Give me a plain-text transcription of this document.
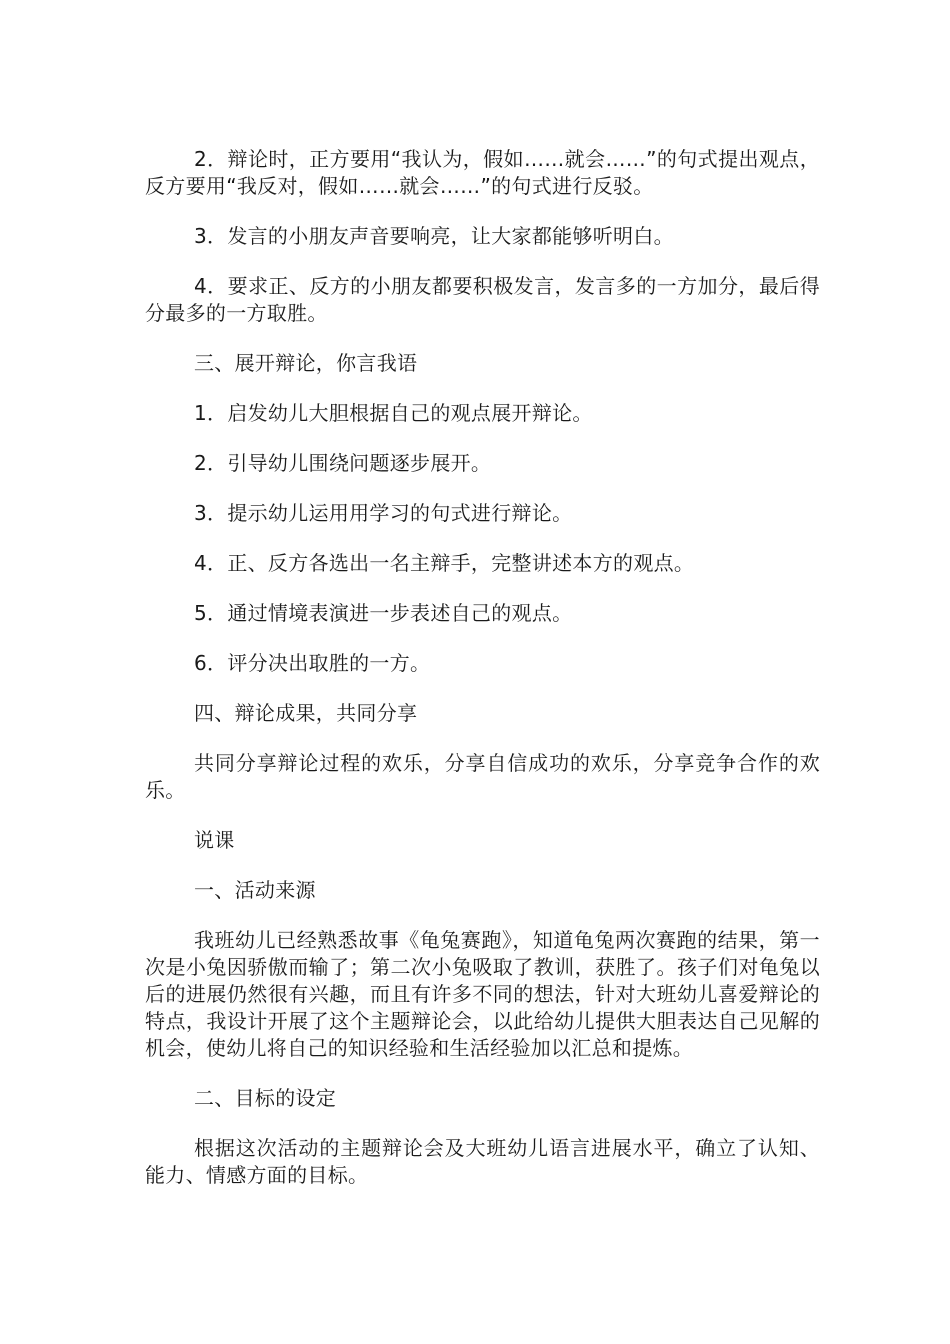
2．辩论时，正方要用“我认为，假如……就会……”的句式提出观点，反方要用“我反对，假如……就会……”的句式进行反驳。

3．发言的小朋友声音要响亮，让大家都能够听明白。

4．要求正、反方的小朋友都要积极发言，发言多的一方加分，最后得分最多的一方取胜。

三、展开辩论，你言我语

1．启发幼儿大胆根据自己的观点展开辩论。

2．引导幼儿围绕问题逐步展开。

3．提示幼儿运用用学习的句式进行辩论。

4．正、反方各选出一名主辩手，完整讲述本方的观点。

5．通过情境表演进一步表述自己的观点。

6．评分决出取胜的一方。

四、辩论成果，共同分享

共同分享辩论过程的欢乐，分享自信成功的欢乐，分享竞争合作的欢乐。

说课

一、活动来源

我班幼儿已经熟悉故事《龟兔赛跑》，知道龟兔两次赛跑的结果，第一次是小兔因骄傲而输了；第二次小兔吸取了教训，获胜了。孩子们对龟兔以后的进展仍然很有兴趣，而且有许多不同的想法，针对大班幼儿喜爱辩论的特点，我设计开展了这个主题辩论会，以此给幼儿提供大胆表达自己见解的机会，使幼儿将自己的知识经验和生活经验加以汇总和提炼。

二、目标的设定

根据这次活动的主题辩论会及大班幼儿语言进展水平，确立了认知、能力、情感方面的目标。
